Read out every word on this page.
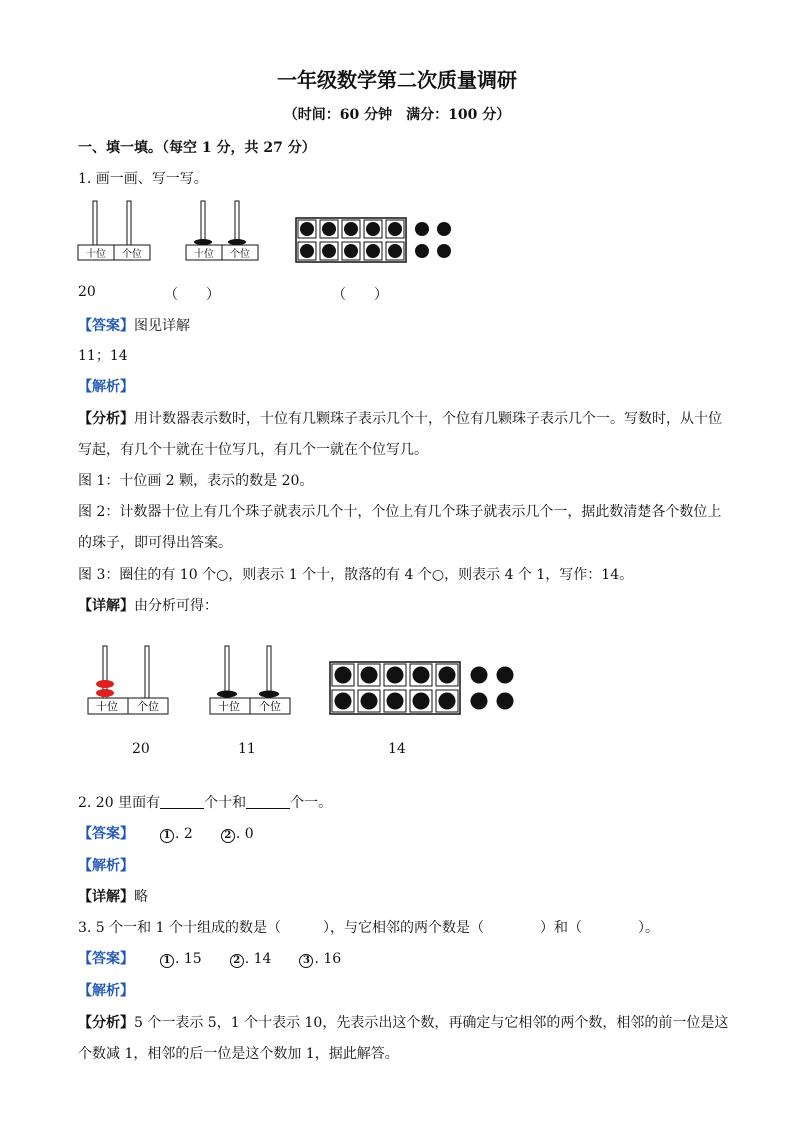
一年级数学第二次质量调研
（时间：60 分钟　满分：100 分）
一、填一填。（每空 1 分，共 27 分）
1. 画一画、写一写。
十位 个位	十位 个位
20	（　　）	（　　）
【答案】图见详解
11；14
【解析】
【分析】用计数器表示数时，十位有几颗珠子表示几个十，个位有几颗珠子表示几个一。写数时，从十位
写起，有几个十就在十位写几，有几个一就在个位写几。
图 1：十位画 2 颗，表示的数是 20。
图 2：计数器十位上有几个珠子就表示几个十，个位上有几个珠子就表示几个一，据此数清楚各个数位上
的珠子，即可得出答案。
图 3：圈住的有 10 个○，则表示 1 个十，散落的有 4 个○，则表示 4 个 1，写作：14。
【详解】由分析可得：
十位 个位	十位 个位
20	11	14
2. 20 里面有	个十和	个一。
【答案】	1 . 2	2 . 0
【解析】
【详解】略
3. 5 个一和 1 个十组成的数是（　　　），与它相邻的两个数是（　　　　）和（　　　　）。
【答案】	1 . 15	2 . 14	3 . 16
【解析】
【分析】5 个一表示 5，1 个十表示 10，先表示出这个数，再确定与它相邻的两个数，相邻的前一位是这
个数减 1，相邻的后一位是这个数加 1，据此解答。
